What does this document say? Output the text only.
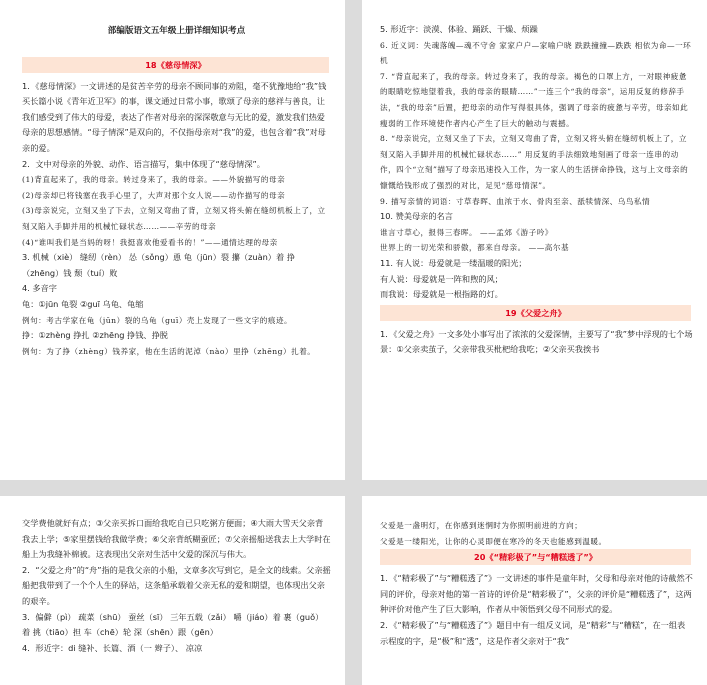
部编版语文五年级上册详细知识考点
18《慈母情深》

1．《慈母情深》一文讲述的是贫苦辛劳的母亲不顾同事的劝阻，毫不犹豫地给“我”钱买长篇小说《青年近卫军》的事，课文通过日常小事，歌颂了母亲的慈祥与善良，让我们感受到了伟大的母爱，表达了作者对母亲的深深敬意与无比的爱，激发我们热爱母亲的思想感情。“母子情深”是双向的，不仅指母亲对“我”的爱，也包含着“我”对母亲的爱。

2．文中对母亲的外貌、动作、语言描写，集中体现了“慈母情深”。

(1)背直起来了，我的母亲。转过身来了，我的母亲。——外貌描写的母亲

(2)母亲却已将钱塞在我手心里了，大声对那个女人说——动作描写的母亲

(3)母亲说完，立刻又坐了下去，立刻又弯曲了背，立刻又将头俯在缝纫机板上了，立刻又陷入手脚并用的机械忙碌状态……——辛劳的母亲

(4)“谁叫我们是当妈的呀！我挺喜欢他爱看书的！”——通情达理的母亲

3. 机械（xiè） 缝纫（rèn） 怂（sǒng）恿 龟（jūn）裂 攥（zuàn）着 挣（zhēng）钱 颓（tuí）败

4. 多音字

龟：①jūn 龟裂 ②guī 乌龟、龟缩

例句：考古学家在龟（jūn）裂的乌龟（guī）壳上发现了一些文字的痕迹。

挣：①zhèng 挣扎 ②zhēng 挣钱、挣脱

例句：为了挣（zhèng）钱养家，他在生活的泥淖（nào）里挣（zhēng）扎着。

5. 形近字：淡漠、体验、踊跃、干燥、烦躁

6. 近义词：失魂落魄—魂不守舍 家家户户—家喻户晓 跌跌撞撞—跌跌 相依为命—一环机

7. “背直起来了，我的母亲。转过身来了，我的母亲。褐色的口罩上方，一对眼神疲惫的眼睛吃惊地望着我，我的母亲的眼睛……”一连三个“我的母亲”，运用反复的修辞手法，“我的母亲”后置，把母亲的动作写得很具体，强调了母亲的疲惫与辛劳，母亲如此瘦弱的工作环境使作者内心产生了巨大的触动与震撼。

8. “母亲说完，立刻又坐了下去，立刻又弯曲了背，立刻又将头俯在缝纫机板上了，立刻又陷入手脚并用的机械忙碌状态……” 用反复的手法细致地刻画了母亲一连串的动作，四个“立刻”描写了母亲迅速投入工作，为一家人的生活拼命挣钱，这与上文母亲的慷慨给钱形成了强烈的对比，足见“慈母情深”。

9. 描写亲情的词语：寸草春晖、血浓于水、骨肉至亲、舐犊情深、乌鸟私情

10. 赞美母亲的名言

谁言寸草心，报得三春晖。 ——孟郊《游子吟》

世界上的一切光荣和骄傲，都来自母亲。 ——高尔基

11. 有人说：母爱就是一缕温暖的阳光；

有人说：母爱就是一阵和煦的风；

而我说：母爱就是一根指路的灯。

19《父爱之舟》

1．《父爱之舟》一文多处小事写出了浓浓的父爱深情，主要写了“我”梦中浮现的七个场景：①父亲卖茧子，父亲带我买枇杷给我吃；②父亲买我挨书

交学费他就好有点；③父亲买拆口面给我吃自已只吃粥方便面；④大雨大雪天父亲背我去上学；⑤家里摆钱给我做学费；⑥父亲背纸糊蚕匠；⑦父亲摇船送我去上大学时在船上为我缝补棉被。这表现出父亲对生活中父爱的深沉与伟大。

2．“父爱之舟”的“舟”指的是我父亲的小船，文章多次写到它，是全文的线索。父亲摇船把我带到了一个个人生的驿站，这条船承载着父亲无私的爱和期望，也体现出父亲的艰辛。

3．偏僻（pì） 疏菜（shū） 蚕丝（sī） 三年五载（zǎi） 嚼（jiáo）着 裹（guǒ）着 挑（tiāo）担 车（chē）轮 深（shēn）跟（gēn）

4．形近字：di 缝补、长篇、酒（一 辫子）、 凉凉

父爱是一盏明灯，在你感到迷惘时为你照明前进的方向；

父爱是一缕阳光，让你的心灵即便在寒冷的冬天也能感到温暖。

20《“精彩极了”与“糟糕透了”》

1．《“精彩极了”与“糟糕透了”》一文讲述的事件是童年时，父母和母亲对他的诗截然不同的评价，母亲对他的第一首诗的评价是“精彩极了”，父亲的评价是“糟糕透了”，这两种评价对他产生了巨大影响，作者从中领悟到父母不同形式的爱。

2．《“精彩极了”与“糟糕透了”》题目中有一组反义词，是“精彩”与“糟糕”，在一组表示程度的字，是“极”和“透”，这是作者父亲对于“我”
